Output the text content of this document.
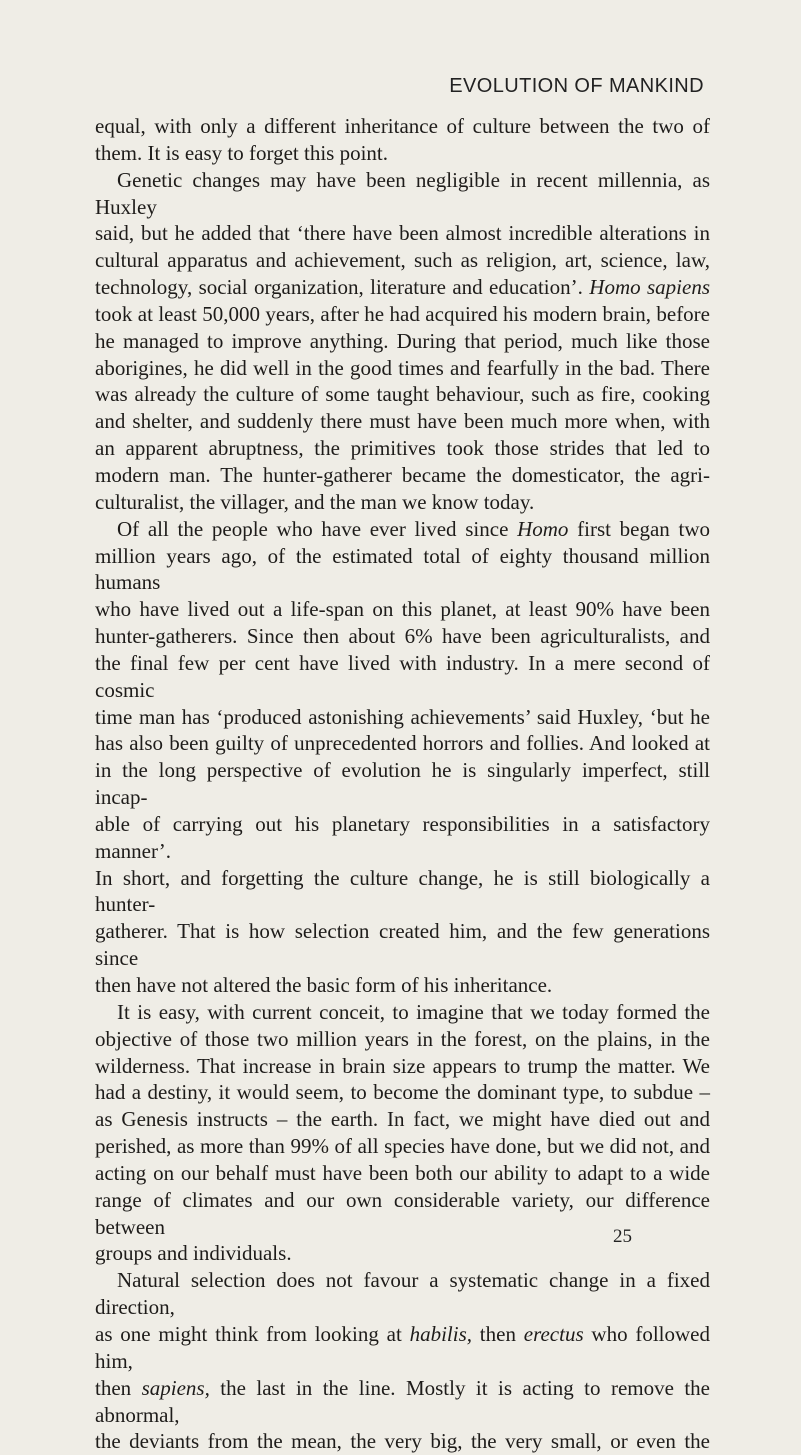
EVOLUTION OF MANKIND
equal, with only a different inheritance of culture between the two of
them. It is easy to forget this point.
Genetic changes may have been negligible in recent millennia, as Huxley
said, but he added that ‘there have been almost incredible alterations in
cultural apparatus and achievement, such as religion, art, science, law,
technology, social organization, literature and education’. Homo sapiens
took at least 50,000 years, after he had acquired his modern brain, before
he managed to improve anything. During that period, much like those
aborigines, he did well in the good times and fearfully in the bad. There
was already the culture of some taught behaviour, such as fire, cooking
and shelter, and suddenly there must have been much more when, with
an apparent abruptness, the primitives took those strides that led to
modern man. The hunter-gatherer became the domesticator, the agri-
culturalist, the villager, and the man we know today.
Of all the people who have ever lived since Homo first began two
million years ago, of the estimated total of eighty thousand million humans
who have lived out a life-span on this planet, at least 90% have been
hunter-gatherers. Since then about 6% have been agriculturalists, and
the final few per cent have lived with industry. In a mere second of cosmic
time man has ‘produced astonishing achievements’ said Huxley, ‘but he
has also been guilty of unprecedented horrors and follies. And looked at
in the long perspective of evolution he is singularly imperfect, still incap-
able of carrying out his planetary responsibilities in a satisfactory manner’.
In short, and forgetting the culture change, he is still biologically a hunter-
gatherer. That is how selection created him, and the few generations since
then have not altered the basic form of his inheritance.
It is easy, with current conceit, to imagine that we today formed the
objective of those two million years in the forest, on the plains, in the
wilderness. That increase in brain size appears to trump the matter. We
had a destiny, it would seem, to become the dominant type, to subdue –
as Genesis instructs – the earth. In fact, we might have died out and
perished, as more than 99% of all species have done, but we did not, and
acting on our behalf must have been both our ability to adapt to a wide
range of climates and our own considerable variety, our difference between
groups and individuals.
Natural selection does not favour a systematic change in a fixed direction,
as one might think from looking at habilis, then erectus who followed him,
then sapiens, the last in the line. Mostly it is acting to remove the abnormal,
the deviants from the mean, the very big, the very small, or even the
25
